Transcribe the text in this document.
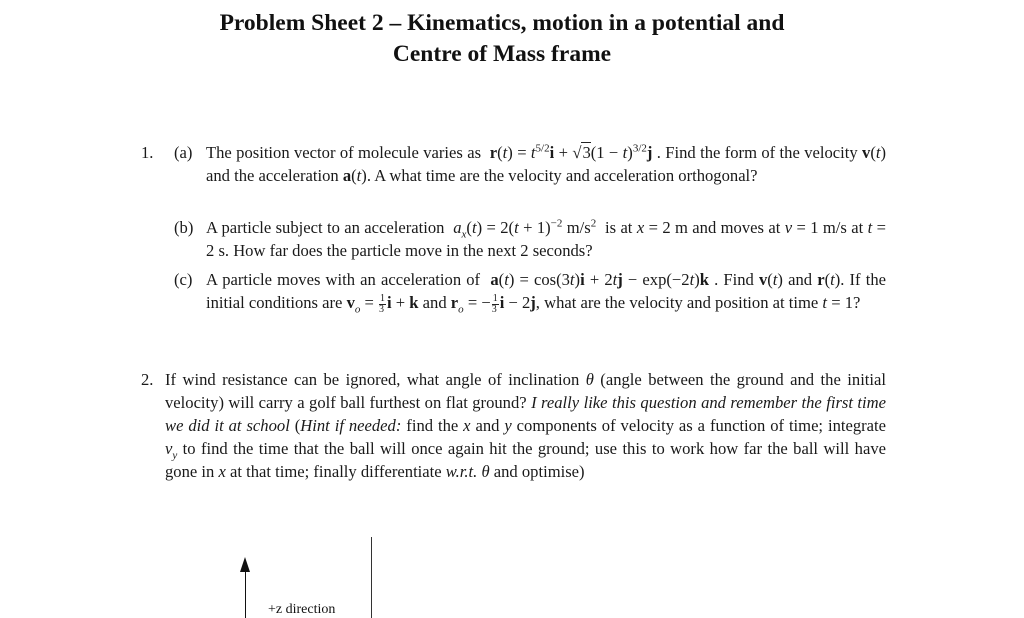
Problem Sheet 2 – Kinematics, motion in a potential and
Centre of Mass frame
1. (a) The position vector of molecule varies as  $r(t) = t^{5/2}i + √3(1 - t)^{3/2}j$ . Find the form of the velocity v(t) and the acceleration a(t). A what time are the velocity and acceleration orthogonal?
(b) A particle subject to an acceleration  $a_x(t) = 2(t + 1)^{-2}$ $m/s^2$  is at x = 2 m and moves at v = 1 m/s at t = 2 s. How far does the particle move in the next 2 seconds?
(c) A particle moves with an acceleration of  a(t) = cos(3t)i + 2tj − exp(−2t)k . Find v(t) and r(t). If the initial conditions are $v_o = \frac{1}{3}$ i + k and $r_o$ = − $\frac{1}{3}$ i − 2j, what are the velocity and position at time t = 1?
2. If wind resistance can be ignored, what angle of inclination θ (angle between the ground and the initial velocity) will carry a golf ball furthest on flat ground? I really like this question and remember the first time we did it at school (Hint if needed: find the x and y components of velocity as a function of time; integrate $v_y$ to find the time that the ball will once again hit the ground; use this to work how far the ball will have gone in x at that time; finally differentiate w.r.t. θ and optimise)
+z direction
